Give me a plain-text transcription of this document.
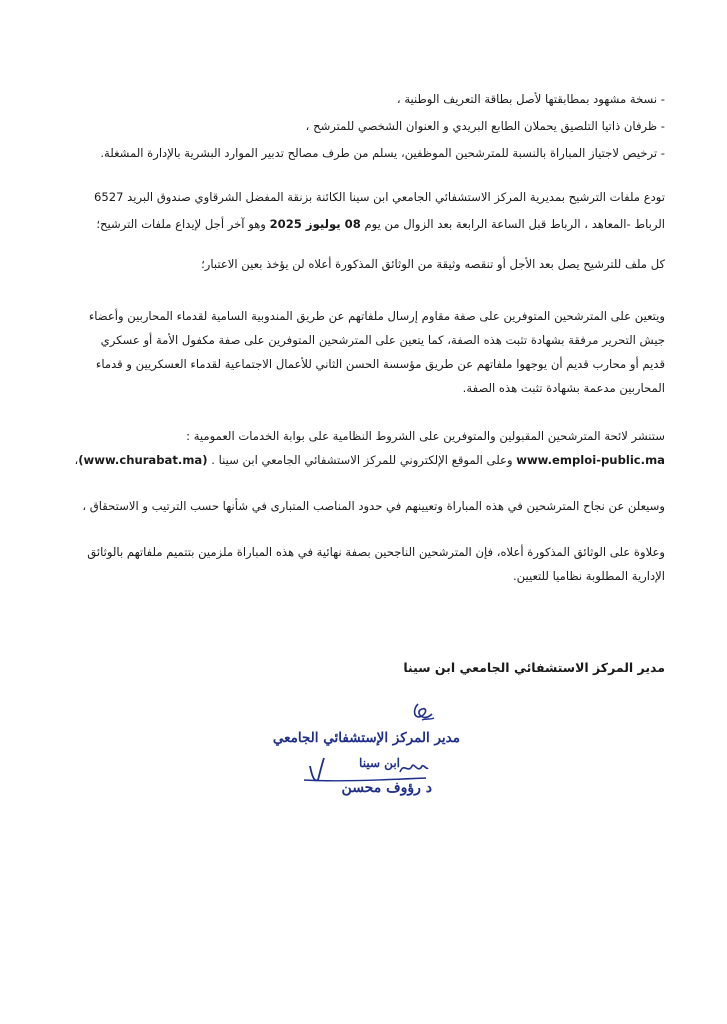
- نسخة مشهود بمطابقتها لأصل بطاقة التعريف الوطنية ،
- ظرفان ذاتيا التلصيق يحملان الطابع البريدي و العنوان الشخصي للمترشح ،
- ترخيص لاجتياز المباراة بالنسبة للمترشحين الموظفين، يسلم من طرف مصالح تدبير الموارد البشرية بالإدارة المشغلة.
تودع ملفات الترشيح بمديرية المركز الاستشفائي الجامعي ابن سينا الكائنة بزنقة المفضل الشرقاوي صندوق البريد 6527
الرباط -المعاهد ، الرباط قبل الساعة الرابعة بعد الزوال من يوم 08 يوليوز 2025 وهو آخر أجل لإيداع ملفات الترشيح؛
كل ملف للترشيح يصل بعد الأجل أو تنقصه وثيقة من الوثائق المذكورة أعلاه لن يؤخذ بعين الاعتبار؛
ويتعين على المترشحين المتوفرين على صفة مقاوم إرسال ملفاتهم عن طريق المندوبية السامية لقدماء المحاربين وأعضاء
جيش التحرير مرفقة بشهادة تثبت هذه الصفة، كما يتعين على المترشحين المتوفرين على صفة مكفول الأمة أو عسكري
قديم أو محارب قديم أن يوجهوا ملفاتهم عن طريق مؤسسة الحسن الثاني للأعمال الاجتماعية لقدماء العسكريين و قدماء
المحاربين مدعمة بشهادة تثبت هذه الصفة.
ستنشر لائحة المترشحين المقبولين والمتوفرين على الشروط النظامية على بوابة الخدمات العمومية :
www.emploi-public.ma وعلى الموقع الإلكتروني للمركز الاستشفائي الجامعي ابن سينا . (www.churabat.ma)،
وسيعلن عن نجاح المترشحين في هذه المباراة وتعيينهم في حدود المناصب المتبارى في شأنها حسب الترتيب و الاستحقاق ،
وعلاوة على الوثائق المذكورة أعلاه، فإن المترشحين الناجحين بصفة نهائية في هذه المباراة ملزمين بتتميم ملفاتهم بالوثائق
الإدارية المطلوبة نظاميا للتعيين.
مدير المركز الاستشفائي الجامعي ابن سينا
مدير المركز الإستشفائي الجامعي
ابن سينا
د رؤوف محسن
